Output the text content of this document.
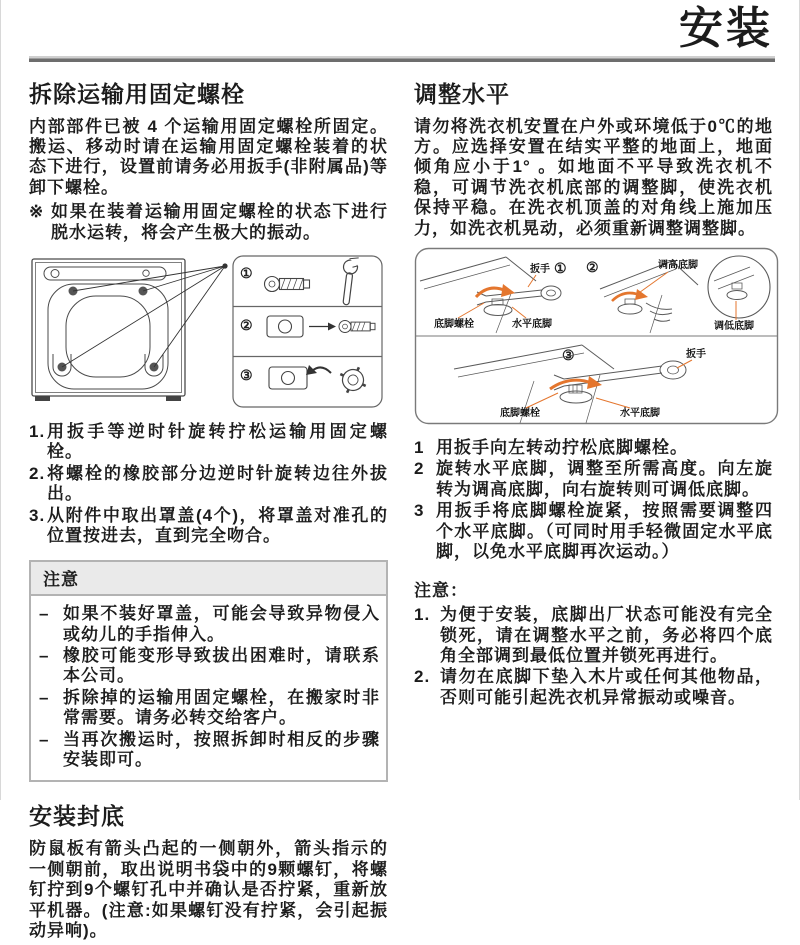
安装
拆除运输用固定螺栓

内部部件已被 4 个运输用固定螺栓所固定。搬运、移动时请在运输用固定螺栓装着的状态下进行，设置前请务必用扳手(非附属品)等卸下螺栓。

※ 如果在装着运输用固定螺栓的状态下进行脱水运转，将会产生极大的振动。
①
②
③
1. 用扳手等逆时针旋转拧松运输用固定螺栓。
2. 将螺栓的橡胶部分边逆时针旋转边往外拔出。
3. 从附件中取出罩盖(4个)，将罩盖对准孔的位置按进去，直到完全吻合。
注意
– 如果不装好罩盖，可能会导致异物侵入或幼儿的手指伸入。
– 橡胶可能变形导致拔出困难时，请联系本公司。
– 拆除掉的运输用固定螺栓，在搬家时非常需要。请务必转交给客户。
– 当再次搬运时，按照拆卸时相反的步骤安装即可。
安装封底

防鼠板有箭头凸起的一侧朝外，箭头指示的一侧朝前，取出说明书袋中的9颗螺钉，将螺钉拧到9个螺钉孔中并确认是否拧紧，重新放平机器。(注意:如果螺钉没有拧紧，会引起振动异响)。

调整水平

请勿将洗衣机安置在户外或环境低于0℃的地方。应选择安置在结实平整的地面上，地面倾角应小于1° 。如地面不平导致洗衣机不稳，可调节洗衣机底部的调整脚，使洗衣机保持平稳。在洗衣机顶盖的对角线上施加压力，如洗衣机晃动，必须重新调整调整脚。

扳手 ①
底脚螺栓	水平底脚
②	调高底脚
调低底脚
③	扳手
底脚螺栓	水平底脚
1 用扳手向左转动拧松底脚螺栓。
2 旋转水平底脚，调整至所需高度。向左旋转为调高底脚，向右旋转则可调低底脚。
3 用扳手将底脚螺栓旋紧，按照需要调整四个水平底脚。（可同时用手轻微固定水平底脚，以免水平底脚再次运动。）
注意：
1. 为便于安装，底脚出厂状态可能没有完全锁死，请在调整水平之前，务必将四个底角全部调到最低位置并锁死再进行。
2. 请勿在底脚下垫入木片或任何其他物品，否则可能引起洗衣机异常振动或噪音。
